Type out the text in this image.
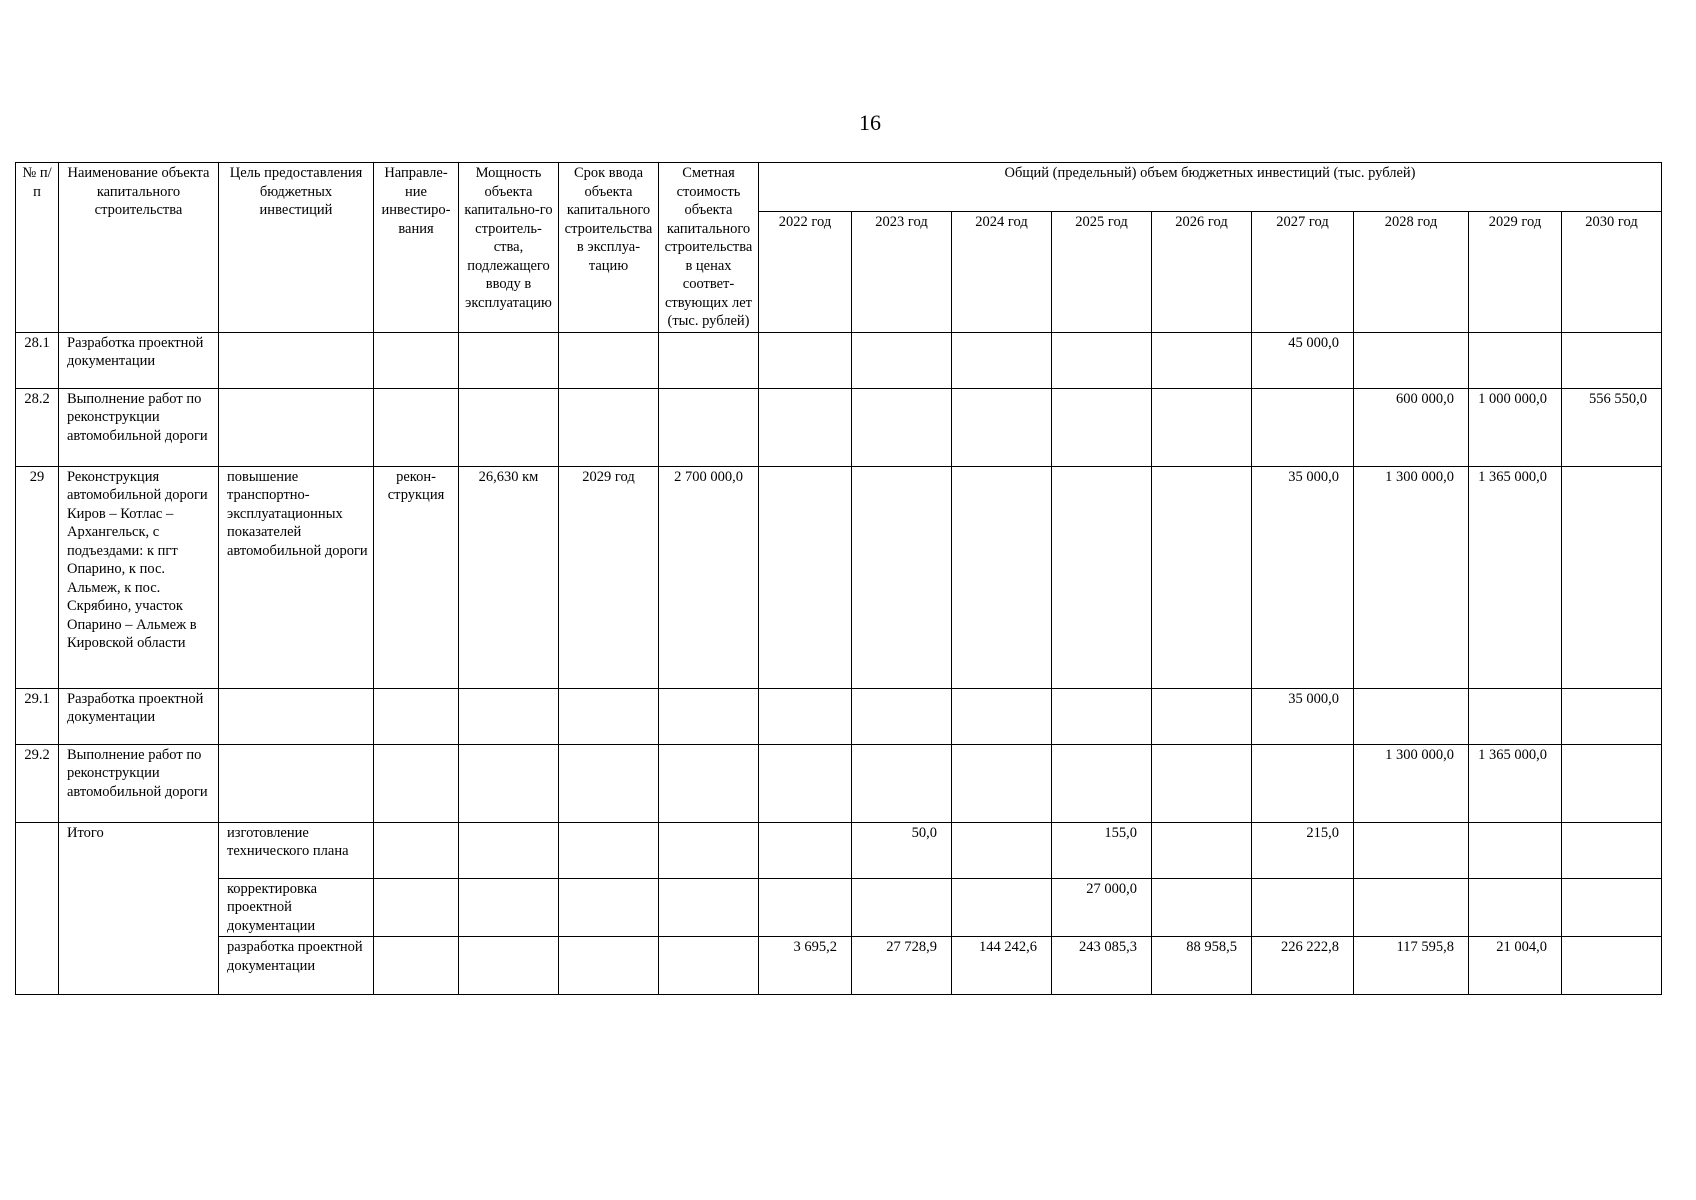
16
№ п/п	Наименование объекта капитального строительства	Цель предоставления бюджетных инвестиций	Направле-ние инвестиро-вания	Мощность объекта капитально-го строитель-ства, подлежащего вводу в эксплуатацию	Срок ввода объекта капитального строительства в эксплуа-тацию	Сметная стоимость объекта капитального строительства в ценах соответ-ствующих лет (тыс. рублей)	Общий (предельный) объем бюджетных инвестиций (тыс. рублей)								
							2022 год	2023 год	2024 год	2025 год	2026 год	2027 год	2028 год	2029 год	2030 год
28.1	Разработка проектной документации											45 000,0			
28.2	Выполнение работ по реконструкции автомобильной дороги												600 000,0	1 000 000,0	556 550,0
29	Реконструкция автомобильной дороги Киров – Котлас – Архангельск, с подъездами: к пгт Опарино, к пос. Альмеж, к пос. Скрябино, участок Опарино – Альмеж в Кировской области	повышение транспортно-эксплуатационных показателей автомобильной дороги	рекон-струкция	26,630 км	2029 год	2 700 000,0						35 000,0	1 300 000,0	1 365 000,0	
29.1	Разработка проектной документации											35 000,0			
29.2	Выполнение работ по реконструкции автомобильной дороги												1 300 000,0	1 365 000,0	
	Итого	изготовление технического плана						50,0		155,0		215,0			
		корректировка проектной документации								27 000,0					
		разработка проектной документации					3 695,2	27 728,9	144 242,6	243 085,3	88 958,5	226 222,8	117 595,8	21 004,0	
